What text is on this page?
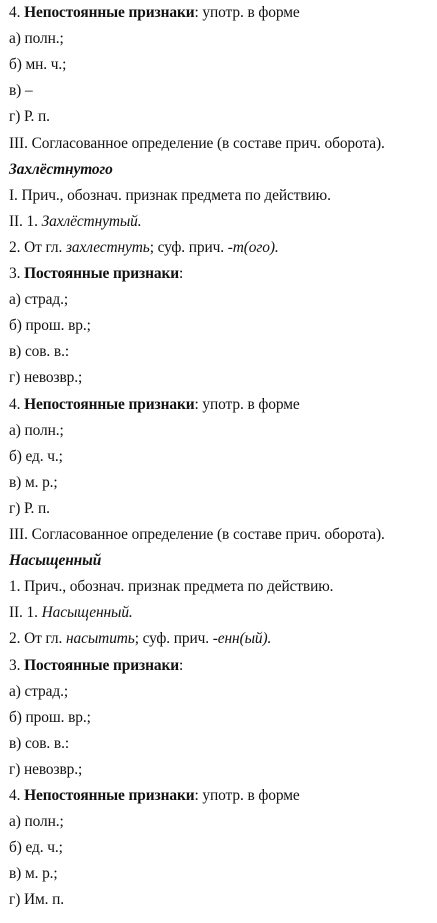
4. Непостоянные признаки: употр. в форме
а) полн.;
б) мн. ч.;
в) –
г) Р. п.
III. Согласованное определение (в составе прич. оборота).
Захлёстнутого
I. Прич., обознач. признак предмета по действию.
II. 1. Захлёстнутый.
2. От гл. захлестнуть; суф. прич. -т(ого).
3. Постоянные признаки:
а) страд.;
б) прош. вр.;
в) сов. в.:
г) невозвр.;
4. Непостоянные признаки: употр. в форме
а) полн.;
б) ед. ч.;
в) м. р.;
г) Р. п.
III. Согласованное определение (в составе прич. оборота).
Насыщенный
1. Прич., обознач. признак предмета по действию.
II. 1. Насыщенный.
2. От гл. насытить; суф. прич. -енн(ый).
3. Постоянные признаки:
а) страд.;
б) прош. вр.;
в) сов. в.:
г) невозвр.;
4. Непостоянные признаки: употр. в форме
а) полн.;
б) ед. ч.;
в) м. р.;
г) Им. п.
